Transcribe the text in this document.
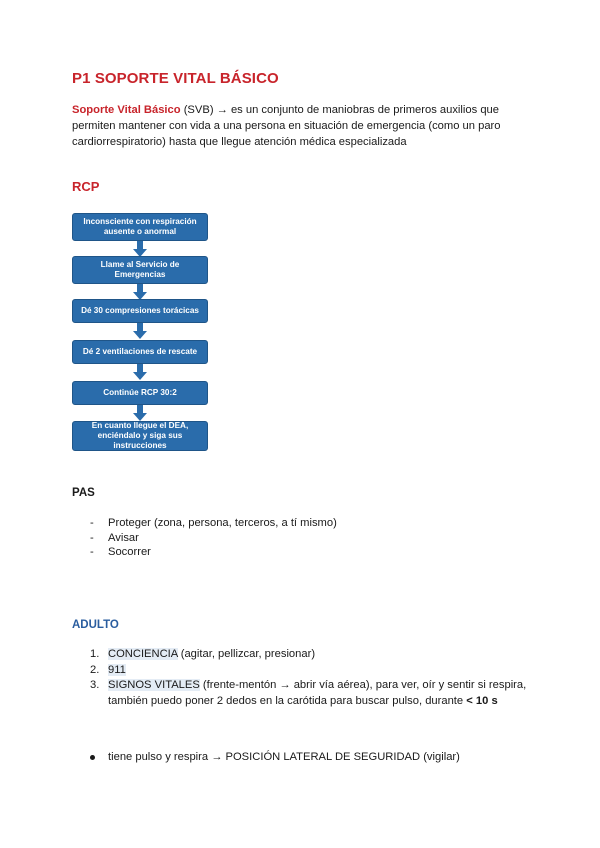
P1 SOPORTE VITAL BÁSICO

Soporte Vital Básico (SVB) → es un conjunto de maniobras de primeros auxilios que permiten mantener con vida a una persona en situación de emergencia (como un paro cardiorrespiratorio) hasta que llegue atención médica especializada

RCP
Inconsciente con respiración ausente o anormal
Llame al Servicio de Emergencias
Dé 30 compresiones torácicas
Dé 2 ventilaciones de rescate
Continúe RCP 30:2
En cuanto llegue el DEA, enciéndalo y siga sus instrucciones
PAS
- Proteger (zona, persona, terceros, a tí mismo)
- Avisar
- Socorrer
ADULTO
1. CONCIENCIA (agitar, pellizcar, presionar)
2. 911
3. SIGNOS VITALES (frente-mentón → abrir vía aérea), para ver, oír y sentir si respira, también puedo poner 2 dedos en la carótida para buscar pulso, durante < 10 s
tiene pulso y respira → POSICIÓN LATERAL DE SEGURIDAD (vigilar)
